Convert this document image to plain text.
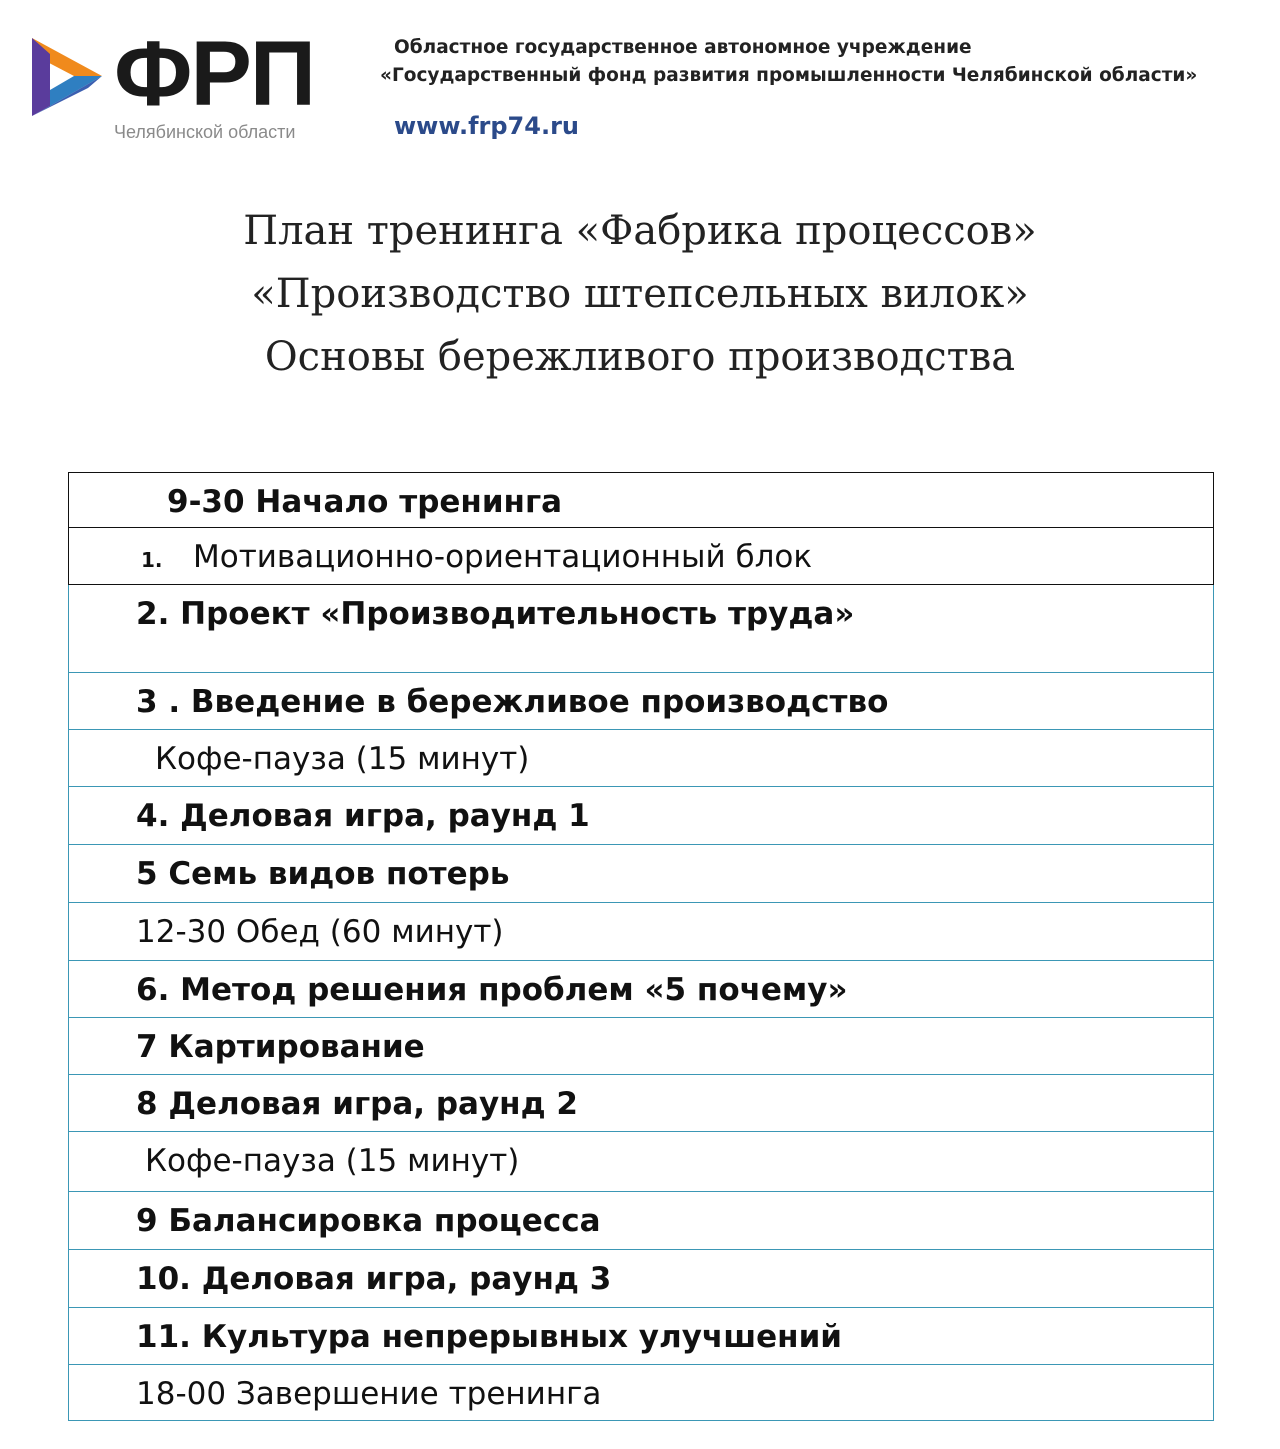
ФРП
Челябинской области
Областное государственное автономное учреждение
«Государственный фонд развития промышленности Челябинской области»
www.frp74.ru
План тренинга «Фабрика процессов»
«Производство штепсельных вилок»
Основы бережливого производства
9-30 Начало тренинга

1. Мотивационно-ориентационный блок

2. Проект «Производительность труда»

3 . Введение в бережливое производство

Кофе-пауза (15 минут)

4. Деловая игра, раунд 1

5 Семь видов потерь

12-30 Обед (60 минут)

6. Метод решения проблем «5 почему»

7 Картирование

8 Деловая игра, раунд 2

Кофе-пауза (15 минут)

9 Балансировка процесса

10. Деловая игра, раунд 3

11. Культура непрерывных улучшений

18-00 Завершение тренинга
